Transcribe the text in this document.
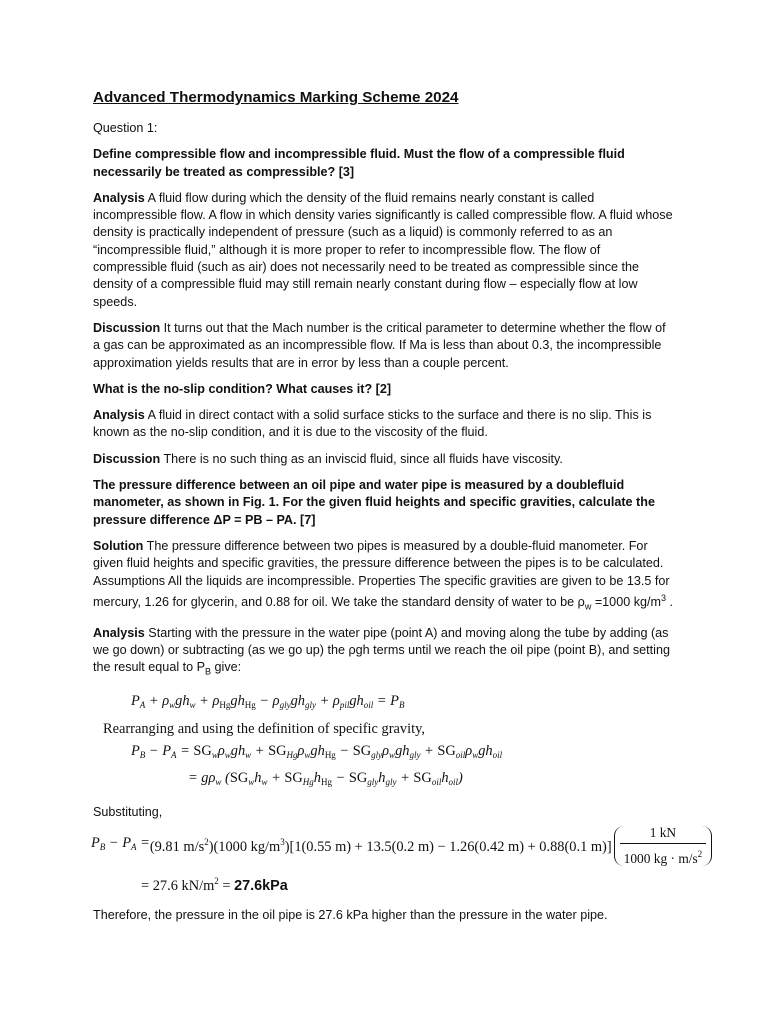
Advanced Thermodynamics Marking Scheme 2024

Question 1:

Define compressible flow and incompressible fluid. Must the flow of a compressible fluid necessarily be treated as compressible? [3]

Analysis A fluid flow during which the density of the fluid remains nearly constant is called incompressible flow. A flow in which density varies significantly is called compressible flow. A fluid whose density is practically independent of pressure (such as a liquid) is commonly referred to as an “incompressible fluid,” although it is more proper to refer to incompressible flow. The flow of compressible fluid (such as air) does not necessarily need to be treated as compressible since the density of a compressible fluid may still remain nearly constant during flow – especially flow at low speeds.

Discussion It turns out that the Mach number is the critical parameter to determine whether the flow of a gas can be approximated as an incompressible flow. If Ma is less than about 0.3, the incompressible approximation yields results that are in error by less than a couple percent.

What is the no-slip condition? What causes it? [2]

Analysis A fluid in direct contact with a solid surface sticks to the surface and there is no slip. This is known as the no-slip condition, and it is due to the viscosity of the fluid.

Discussion There is no such thing as an inviscid fluid, since all fluids have viscosity.

The pressure difference between an oil pipe and water pipe is measured by a doublefluid manometer, as shown in Fig. 1. For the given fluid heights and specific gravities, calculate the pressure difference ΔP = PB – PA. [7]

Solution The pressure difference between two pipes is measured by a double-fluid manometer. For given fluid heights and specific gravities, the pressure difference between the pipes is to be calculated. Assumptions All the liquids are incompressible. Properties The specific gravities are given to be 13.5 for mercury, 1.26 for glycerin, and 0.88 for oil. We take the standard density of water to be $\rho_w =1000$ $kg/m^3$ .

Analysis Starting with the pressure in the water pipe (point A) and moving along the tube by adding (as we go down) or subtracting (as we go up) the ρgh terms until we reach the oil pipe (point B), and setting the result equal to $P_B$ give:

$P_A + \rho_wgh_w + \rho_{Hg}gh_{Hg} - \rho_{gly}gh_{gly} + \rho_{pil}gh_{oil} = P_B$
Rearranging and using the definition of specific gravity,
$P_B - P_A = SG_w\rho_wgh_w + SG_{Hg}\rho_wgh_{Hg} - SG_{gly}\rho_wgh_{gly} + SG_{oil}\rho_wgh_{oil}$
= $g\rho_w$ $(SG_wh_w + SG_{Hg}h_{Hg} - SG_{gly}h_{gly} + SG_{oil}h_{oil})$

Substituting,

$P_B - P_A = (9.81$ $m/s^2)(1000$ $kg/m^3)[1(0.55$ m) + 13.5(0.2 m) − 1.26(0.42 m) + 0.88(0.1 $m)] \frac{1 kN}{1000 kg \cdot m/s^2}$
= 27.6 $kN/m^2 = 27.6kPa$

Therefore, the pressure in the oil pipe is 27.6 kPa higher than the pressure in the water pipe.
